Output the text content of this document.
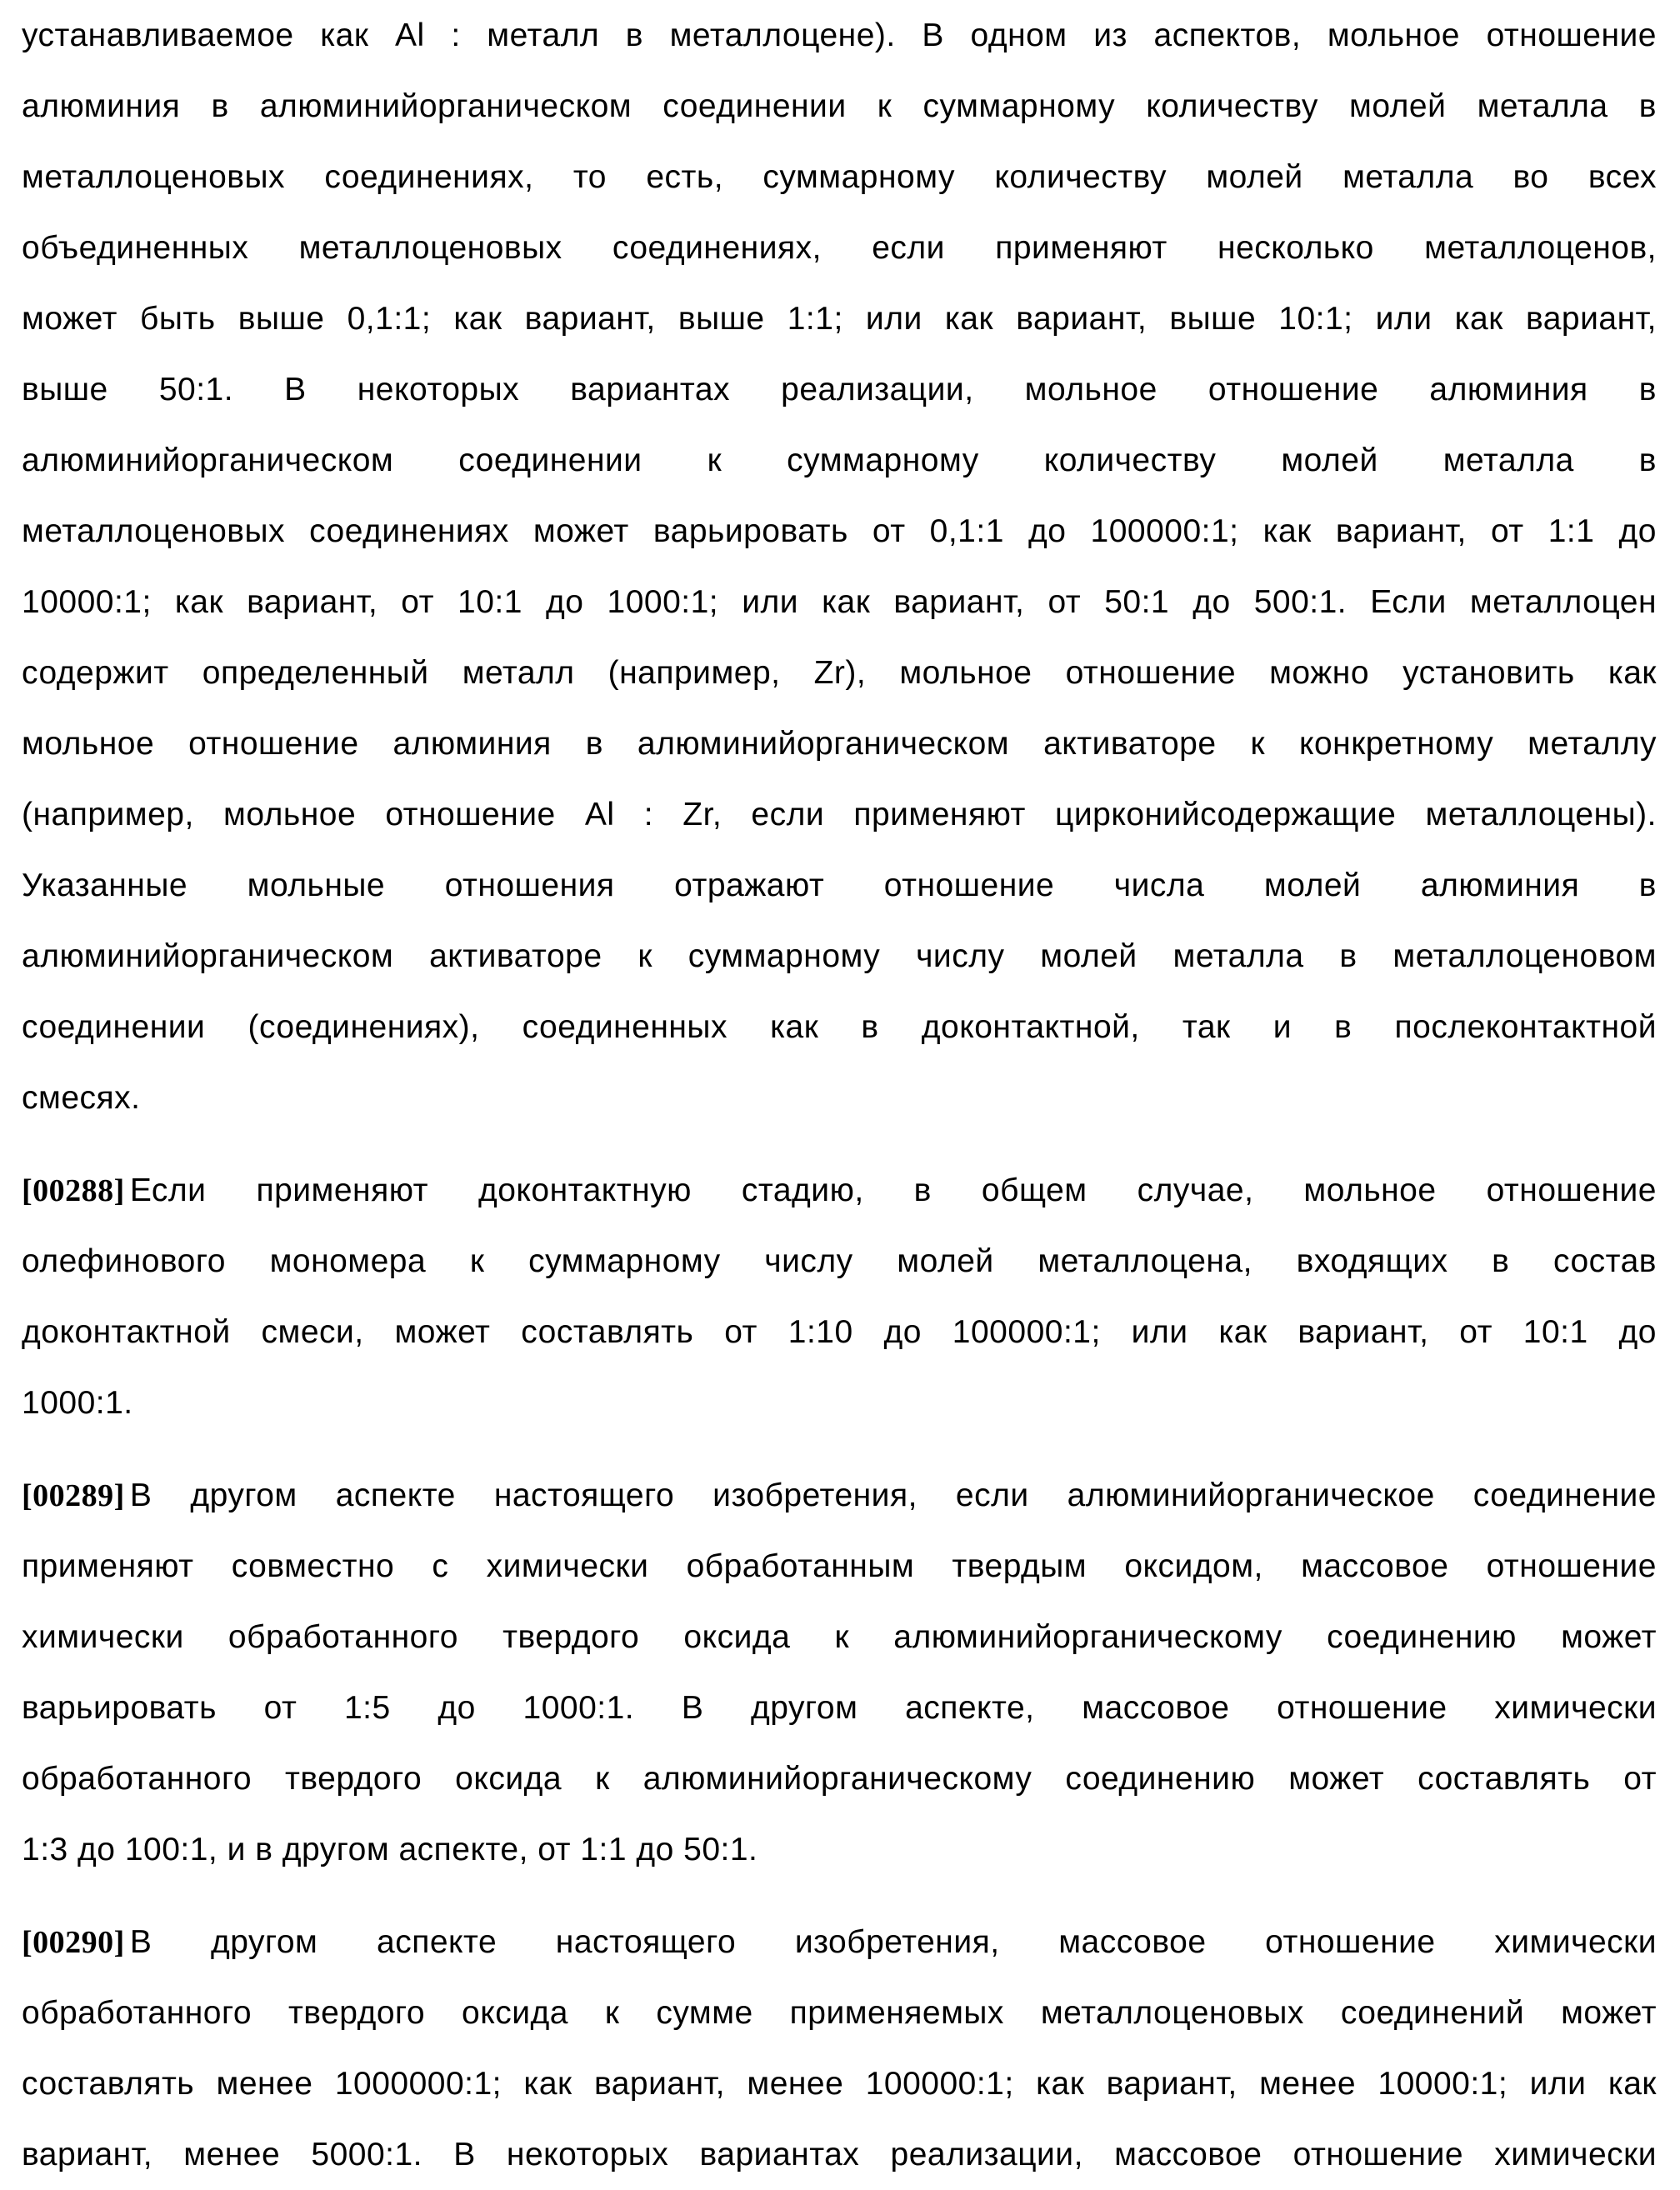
устанавливаемое как Al : металл в металлоцене). В одном из аспектов, мольное отношение
алюминия в алюминийорганическом соединении к суммарному количеству молей металла в
металлоценовых соединениях, то есть, суммарному количеству молей металла во всех
объединенных металлоценовых соединениях, если применяют несколько металлоценов,
может быть выше 0,1:1; как вариант, выше 1:1; или как вариант, выше 10:1; или как вариант,
выше 50:1. В некоторых вариантах реализации, мольное отношение алюминия в
алюминийорганическом соединении к суммарному количеству молей металла в
металлоценовых соединениях может варьировать от 0,1:1 до 100000:1; как вариант, от 1:1 до
10000:1; как вариант, от 10:1 до 1000:1; или как вариант, от 50:1 до 500:1. Если металлоцен
содержит определенный металл (например, Zr), мольное отношение можно установить как
мольное отношение алюминия в алюминийорганическом активаторе к конкретному металлу
(например, мольное отношение Al : Zr, если применяют цирконийсодержащие металлоцены).
Указанные мольные отношения отражают отношение числа молей алюминия в
алюминийорганическом активаторе к суммарному числу молей металла в металлоценовом
соединении (соединениях), соединенных как в доконтактной, так и в послеконтактной
смесях.
[00288] Если применяют доконтактную стадию, в общем случае, мольное отношение
олефинового мономера к суммарному числу молей металлоцена, входящих в состав
доконтактной смеси, может составлять от 1:10 до 100000:1; или как вариант, от 10:1 до
1000:1.
[00289] В другом аспекте настоящего изобретения, если алюминийорганическое соединение
применяют совместно с химически обработанным твердым оксидом, массовое отношение
химически обработанного твердого оксида к алюминийорганическому соединению может
варьировать от 1:5 до 1000:1. В другом аспекте, массовое отношение химически
обработанного твердого оксида к алюминийорганическому соединению может составлять от
1:3 до 100:1, и в другом аспекте, от 1:1 до 50:1.
[00290] В другом аспекте настоящего изобретения, массовое отношение химически
обработанного твердого оксида к сумме применяемых металлоценовых соединений может
составлять менее 1000000:1; как вариант, менее 100000:1; как вариант, менее 10000:1; или как
вариант, менее 5000:1. В некоторых вариантах реализации, массовое отношение химически
